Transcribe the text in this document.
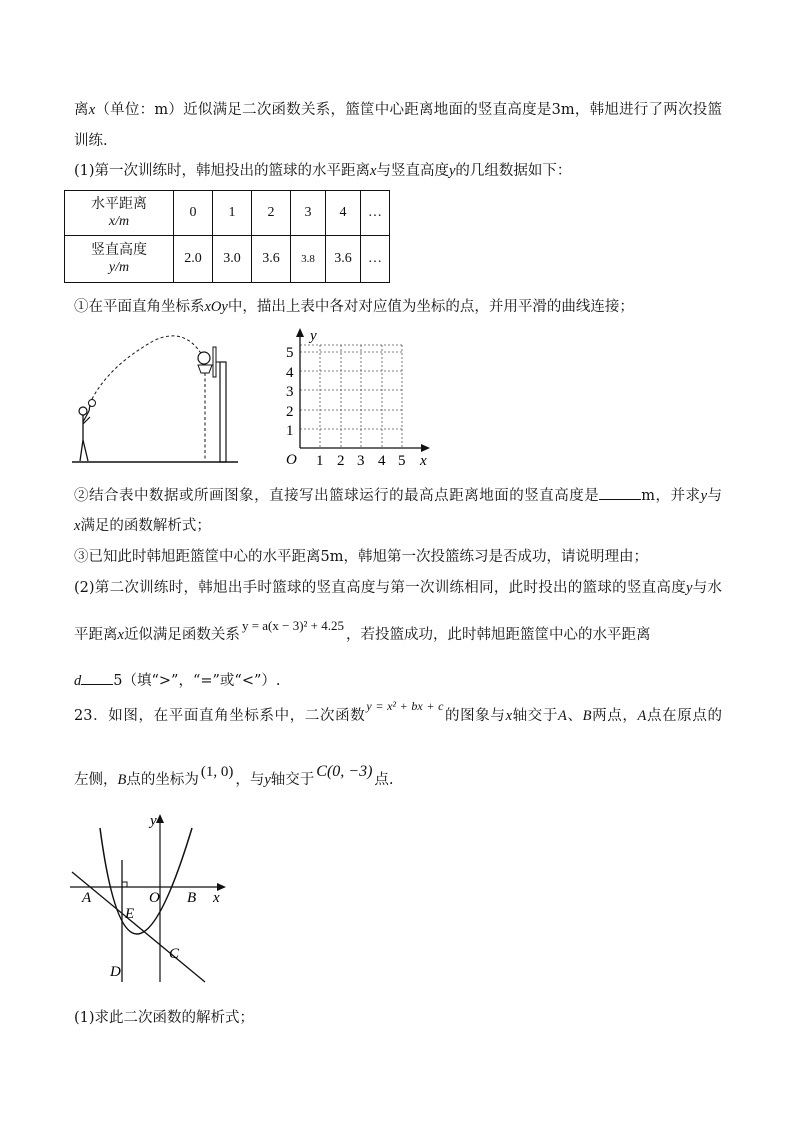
离x（单位：m）近似满足二次函数关系，篮筐中心距离地面的竖直高度是3m，韩旭进行了两次投篮
训练.
(1)第一次训练时，韩旭投出的篮球的水平距离x与竖直高度y的几组数据如下：
水平距离
x/m	0	1	2	3	4	…
竖直高度
y/m	2.0	3.0	3.6	3.8	3.6	…
①在平面直角坐标系xOy中，描出上表中各对对应值为坐标的点，并用平滑的曲线连接；
y
x
O 1 2 3 4 5
1
2
3
4
5
②结合表中数据或所画图象，直接写出篮球运行的最高点距离地面的竖直高度是	m，并求y与
x满足的函数解析式；
③已知此时韩旭距篮筐中心的水平距离5m，韩旭第一次投篮练习是否成功，请说明理由；
(2)第二次训练时，韩旭出手时篮球的竖直高度与第一次训练相同，此时投出的篮球的竖直高度y与水
平距离x近似满足函数关系y = a(x − 3)² + 4.25，若投篮成功，此时韩旭距篮筐中心的水平距离
d 5（填“>”，“=”或“<”）.
23．如图，在平面直角坐标系中，二次函数$^{y = x^2 + bx + c}$的图象与x轴交于A、B两点，A点在原点的
左侧，B点的坐标为 (1, 0) ，与y轴交于 C(0, −3) 点.
y
x
A	O B
E
C
D
(1)求此二次函数的解析式；
